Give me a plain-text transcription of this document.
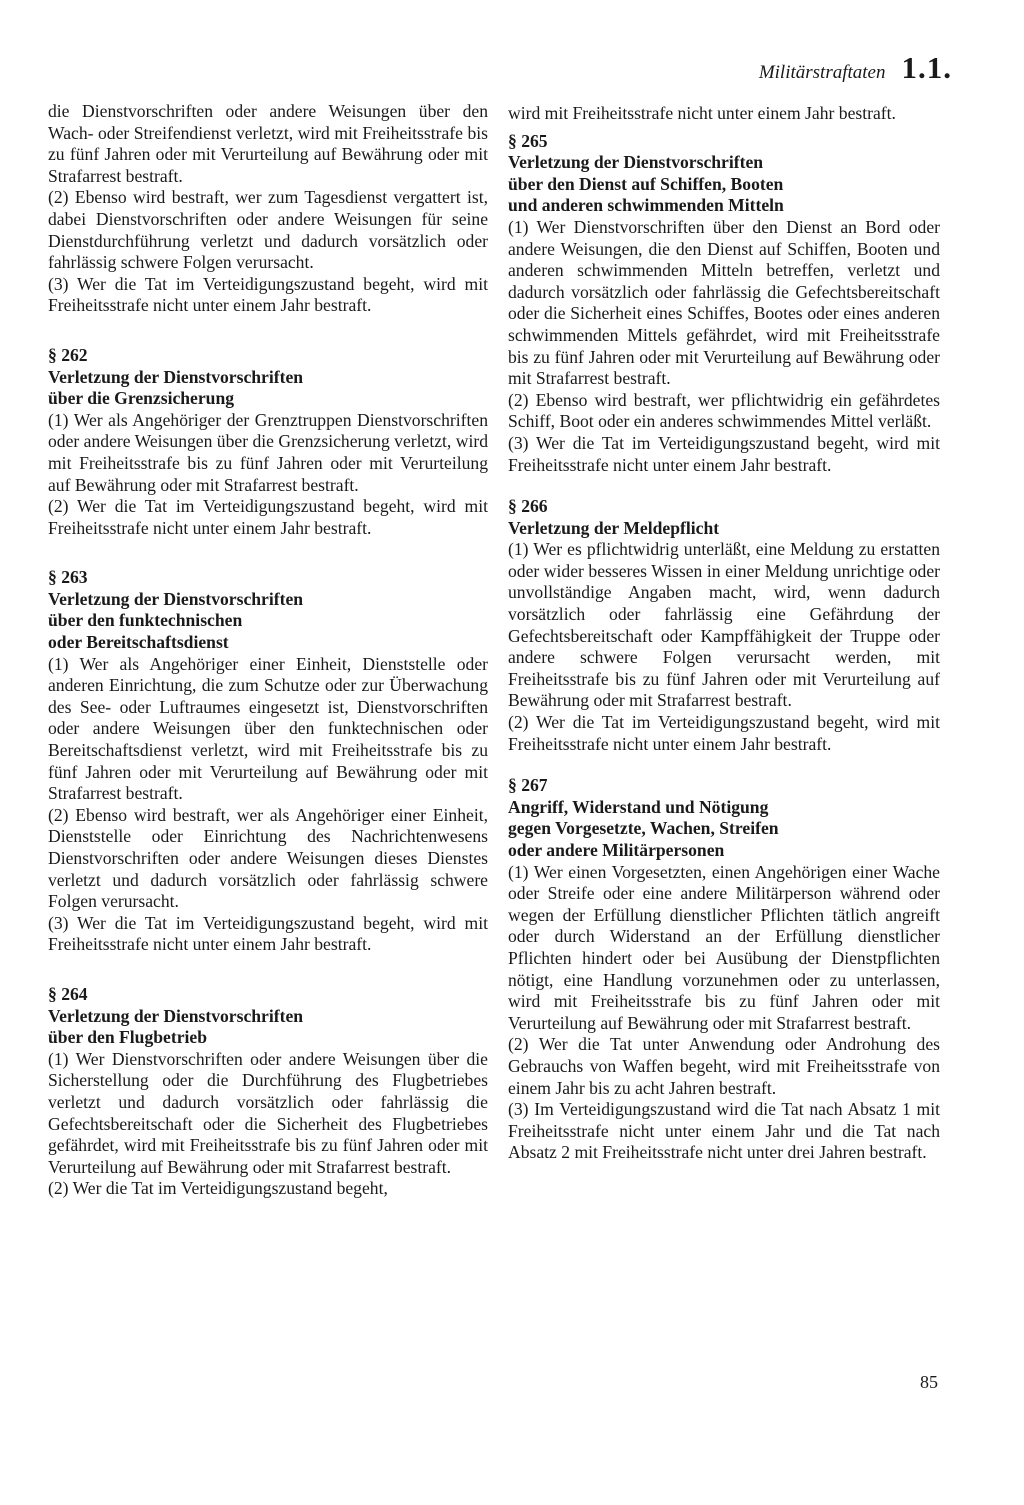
Militärstraftaten 1.1.

die Dienstvorschriften oder andere Weisungen über den Wach- oder Streifendienst verletzt, wird mit Freiheitsstrafe bis zu fünf Jahren oder mit Verurteilung auf Bewährung oder mit Strafarrest bestraft.

(2) Ebenso wird bestraft, wer zum Tagesdienst vergattert ist, dabei Dienstvorschriften oder andere Weisungen für seine Dienstdurchführung verletzt und dadurch vorsätzlich oder fahrlässig schwere Folgen verursacht.

(3) Wer die Tat im Verteidigungszustand begeht, wird mit Freiheitsstrafe nicht unter einem Jahr bestraft.

§ 262

Verletzung der Dienstvorschriften
über die Grenzsicherung

(1) Wer als Angehöriger der Grenztruppen Dienstvorschriften oder andere Weisungen über die Grenzsicherung verletzt, wird mit Freiheitsstrafe bis zu fünf Jahren oder mit Verurteilung auf Bewährung oder mit Strafarrest bestraft.

(2) Wer die Tat im Verteidigungszustand begeht, wird mit Freiheitsstrafe nicht unter einem Jahr bestraft.

§ 263

Verletzung der Dienstvorschriften
über den funktechnischen
oder Bereitschaftsdienst

(1) Wer als Angehöriger einer Einheit, Dienststelle oder anderen Einrichtung, die zum Schutze oder zur Überwachung des See- oder Luftraumes eingesetzt ist, Dienstvorschriften oder andere Weisungen über den funktechnischen oder Bereitschaftsdienst verletzt, wird mit Freiheitsstrafe bis zu fünf Jahren oder mit Verurteilung auf Bewährung oder mit Strafarrest bestraft.

(2) Ebenso wird bestraft, wer als Angehöriger einer Einheit, Dienststelle oder Einrichtung des Nachrichtenwesens Dienstvorschriften oder andere Weisungen dieses Dienstes verletzt und dadurch vorsätzlich oder fahrlässig schwere Folgen verursacht.

(3) Wer die Tat im Verteidigungszustand begeht, wird mit Freiheitsstrafe nicht unter einem Jahr bestraft.

§ 264

Verletzung der Dienstvorschriften
über den Flugbetrieb

(1) Wer Dienstvorschriften oder andere Weisungen über die Sicherstellung oder die Durchführung des Flugbetriebes verletzt und dadurch vorsätzlich oder fahrlässig die Gefechtsbereitschaft oder die Sicherheit des Flugbetriebes gefährdet, wird mit Freiheitsstrafe bis zu fünf Jahren oder mit Verurteilung auf Bewährung oder mit Strafarrest bestraft.

(2) Wer die Tat im Verteidigungszustand begeht,

wird mit Freiheitsstrafe nicht unter einem Jahr bestraft.

§ 265

Verletzung der Dienstvorschriften
über den Dienst auf Schiffen, Booten
und anderen schwimmenden Mitteln

(1) Wer Dienstvorschriften über den Dienst an Bord oder andere Weisungen, die den Dienst auf Schiffen, Booten und anderen schwimmenden Mitteln betreffen, verletzt und dadurch vorsätzlich oder fahrlässig die Gefechtsbereitschaft oder die Sicherheit eines Schiffes, Bootes oder eines anderen schwimmenden Mittels gefährdet, wird mit Freiheitsstrafe bis zu fünf Jahren oder mit Verurteilung auf Bewährung oder mit Strafarrest bestraft.

(2) Ebenso wird bestraft, wer pflichtwidrig ein gefährdetes Schiff, Boot oder ein anderes schwimmendes Mittel verläßt.

(3) Wer die Tat im Verteidigungszustand begeht, wird mit Freiheitsstrafe nicht unter einem Jahr bestraft.

§ 266

Verletzung der Meldepflicht

(1) Wer es pflichtwidrig unterläßt, eine Meldung zu erstatten oder wider besseres Wissen in einer Meldung unrichtige oder unvollständige Angaben macht, wird, wenn dadurch vorsätzlich oder fahrlässig eine Gefährdung der Gefechtsbereitschaft oder Kampffähigkeit der Truppe oder andere schwere Folgen verursacht werden, mit Freiheitsstrafe bis zu fünf Jahren oder mit Verurteilung auf Bewährung oder mit Strafarrest bestraft.

(2) Wer die Tat im Verteidigungszustand begeht, wird mit Freiheitsstrafe nicht unter einem Jahr bestraft.

§ 267

Angriff, Widerstand und Nötigung
gegen Vorgesetzte, Wachen, Streifen
oder andere Militärpersonen

(1) Wer einen Vorgesetzten, einen Angehörigen einer Wache oder Streife oder eine andere Militärperson während oder wegen der Erfüllung dienstlicher Pflichten tätlich angreift oder durch Widerstand an der Erfüllung dienstlicher Pflichten hindert oder bei Ausübung der Dienstpflichten nötigt, eine Handlung vorzunehmen oder zu unterlassen, wird mit Freiheitsstrafe bis zu fünf Jahren oder mit Verurteilung auf Bewährung oder mit Strafarrest bestraft.

(2) Wer die Tat unter Anwendung oder Androhung des Gebrauchs von Waffen begeht, wird mit Freiheitsstrafe von einem Jahr bis zu acht Jahren bestraft.

(3) Im Verteidigungszustand wird die Tat nach Absatz 1 mit Freiheitsstrafe nicht unter einem Jahr und die Tat nach Absatz 2 mit Freiheitsstrafe nicht unter drei Jahren bestraft.

85
